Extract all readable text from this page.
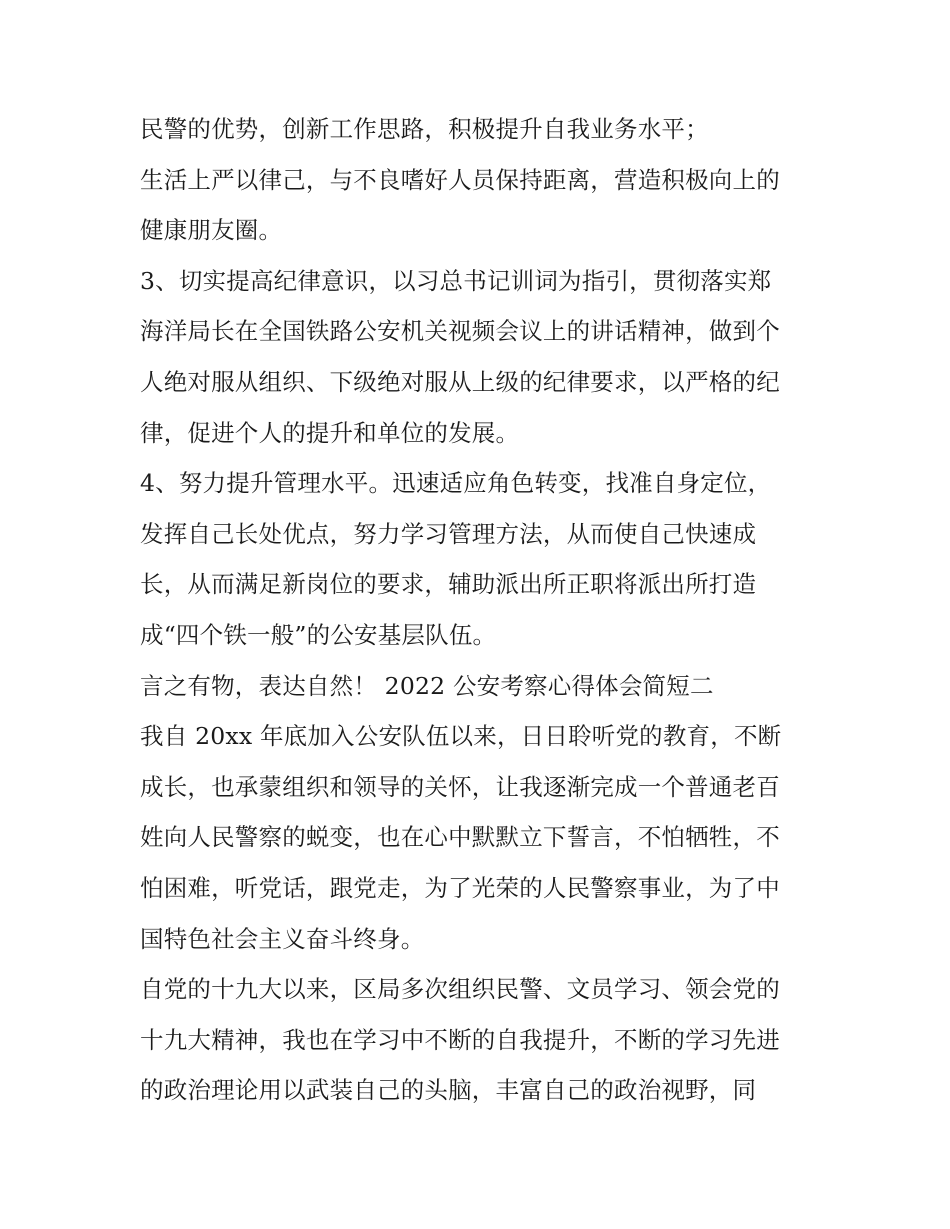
民警的优势，创新工作思路，积极提升自我业务水平；
生活上严以律己，与不良嗜好人员保持距离，营造积极向上的
健康朋友圈。
3、切实提高纪律意识，以习总书记训词为指引，贯彻落实郑
海洋局长在全国铁路公安机关视频会议上的讲话精神，做到个
人绝对服从组织、下级绝对服从上级的纪律要求，以严格的纪
律，促进个人的提升和单位的发展。
4、努力提升管理水平。迅速适应角色转变，找准自身定位，
发挥自己长处优点，努力学习管理方法，从而使自己快速成
长，从而满足新岗位的要求，辅助派出所正职将派出所打造
成“四个铁一般”的公安基层队伍。
言之有物，表达自然！ 2022 公安考察心得体会简短二
我自 20xx 年底加入公安队伍以来，日日聆听党的教育，不断
成长，也承蒙组织和领导的关怀，让我逐渐完成一个普通老百
姓向人民警察的蜕变，也在心中默默立下誓言，不怕牺牲，不
怕困难，听党话，跟党走，为了光荣的人民警察事业，为了中
国特色社会主义奋斗终身。
自党的十九大以来，区局多次组织民警、文员学习、领会党的
十九大精神，我也在学习中不断的自我提升，不断的学习先进
的政治理论用以武装自己的头脑，丰富自己的政治视野，同
